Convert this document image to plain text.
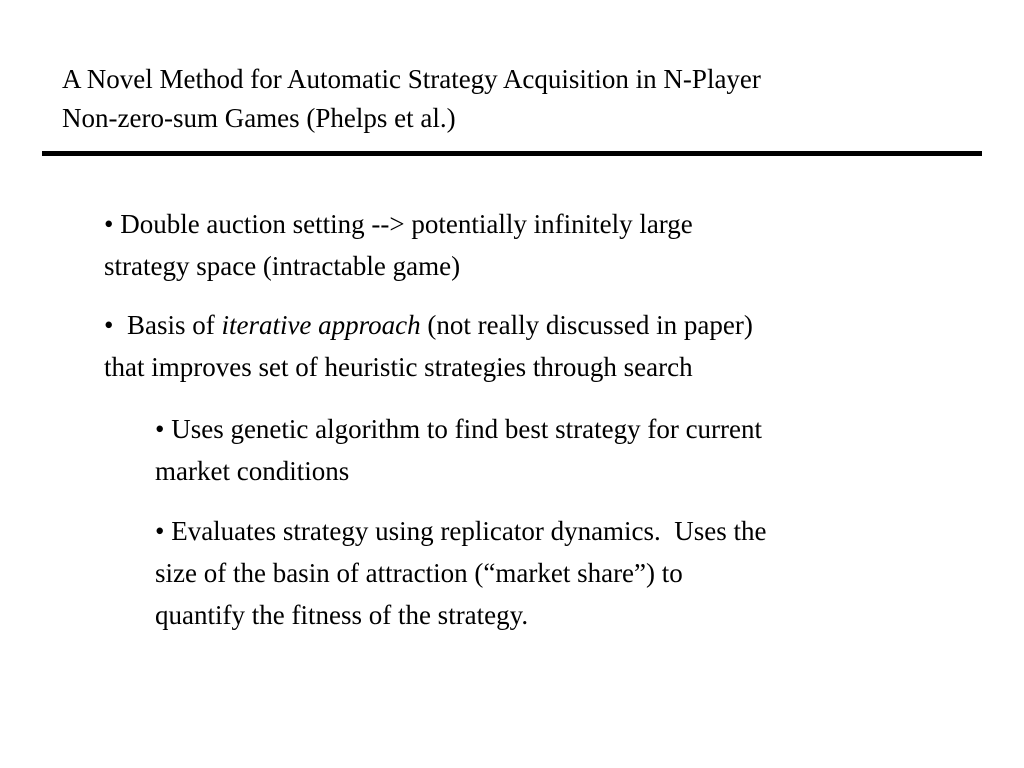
A Novel Method for Automatic Strategy Acquisition in N-Player
Non-zero-sum Games (Phelps et al.)

• Double auction setting --> potentially infinitely large
strategy space (intractable game)

•  Basis of iterative approach (not really discussed in paper)
that improves set of heuristic strategies through search

• Uses genetic algorithm to find best strategy for current
market conditions

• Evaluates strategy using replicator dynamics.  Uses the
size of the basin of attraction (“market share”) to
quantify the fitness of the strategy.
